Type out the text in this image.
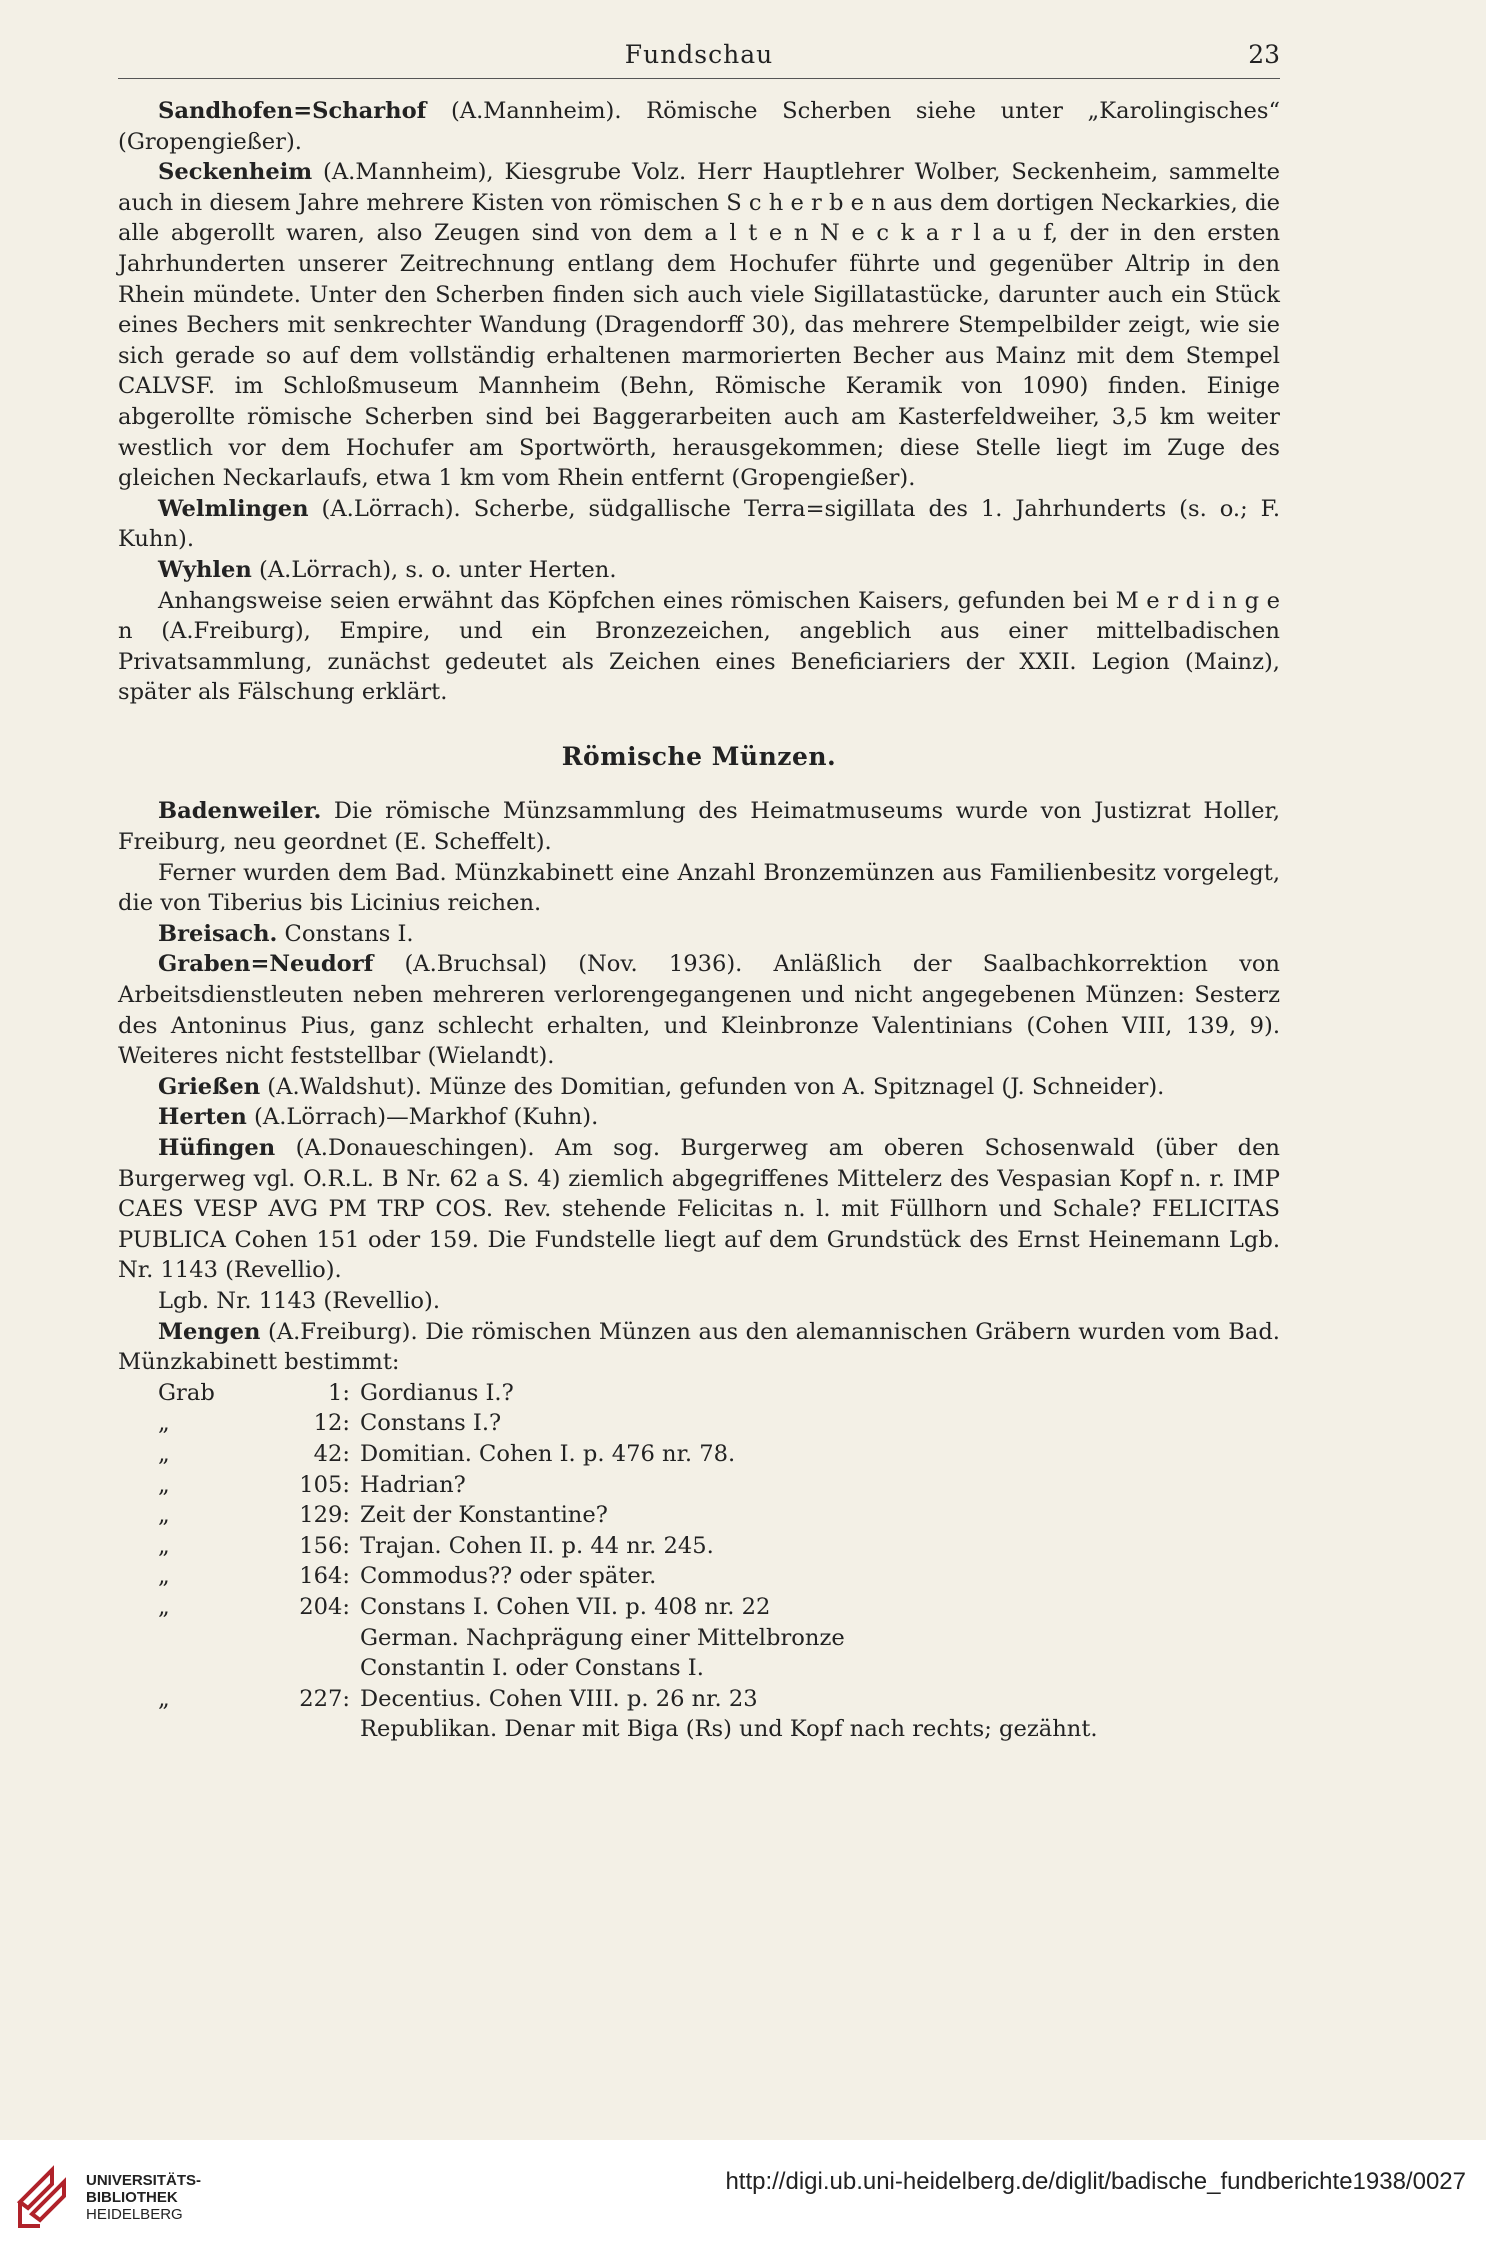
Fundschau	23

Sandhofen=Scharhof (A.Mannheim). Römische Scherben siehe unter „Karolingisches“ (Gropengießer).

Seckenheim (A.Mannheim), Kiesgrube Volz. Herr Hauptlehrer Wolber, Seckenheim, sammelte auch in diesem Jahre mehrere Kisten von römischen S c h e r b e n aus dem dortigen Neckarkies, die alle abgerollt waren, also Zeugen sind von dem a l t e n N e c k a r l a u f, der in den ersten Jahrhunderten unserer Zeitrechnung entlang dem Hochufer führte und gegenüber Altrip in den Rhein mündete. Unter den Scherben finden sich auch viele Sigillatastücke, darunter auch ein Stück eines Bechers mit senkrechter Wandung (Dragendorff 30), das mehrere Stempelbilder zeigt, wie sie sich gerade so auf dem vollständig erhaltenen marmorierten Becher aus Mainz mit dem Stempel CALVSF. im Schloßmuseum Mannheim (Behn, Römische Keramik von 1090) finden. Einige abgerollte römische Scherben sind bei Baggerarbeiten auch am Kasterfeldweiher, 3,5 km weiter westlich vor dem Hochufer am Sportwörth, herausgekommen; diese Stelle liegt im Zuge des gleichen Neckarlaufs, etwa 1 km vom Rhein entfernt (Gropengießer).

Welmlingen (A.Lörrach). Scherbe, südgallische Terra=sigillata des 1. Jahrhunderts (s. o.; F. Kuhn).

Wyhlen (A.Lörrach), s. o. unter Herten.

Anhangsweise seien erwähnt das Köpfchen eines römischen Kaisers, gefunden bei M e r d i n g e n (A.Freiburg), Empire, und ein Bronzezeichen, angeblich aus einer mittelbadischen Privatsammlung, zunächst gedeutet als Zeichen eines Beneficiariers der XXII. Legion (Mainz), später als Fälschung erklärt.

Römische Münzen.

Badenweiler. Die römische Münzsammlung des Heimatmuseums wurde von Justizrat Holler, Freiburg, neu geordnet (E. Scheffelt).

Ferner wurden dem Bad. Münzkabinett eine Anzahl Bronzemünzen aus Familienbesitz vorgelegt, die von Tiberius bis Licinius reichen.

Breisach. Constans I.

Graben=Neudorf (A.Bruchsal) (Nov. 1936). Anläßlich der Saalbachkorrektion von Arbeitsdienstleuten neben mehreren verlorengegangenen und nicht angegebenen Münzen: Sesterz des Antoninus Pius, ganz schlecht erhalten, und Kleinbronze Valentinians (Cohen VIII, 139, 9). Weiteres nicht feststellbar (Wielandt).

Grießen (A.Waldshut). Münze des Domitian, gefunden von A. Spitznagel (J. Schneider).

Herten (A.Lörrach)—Markhof (Kuhn).

Hüfingen (A.Donaueschingen). Am sog. Burgerweg am oberen Schosenwald (über den Burgerweg vgl. O.R.L. B Nr. 62 a S. 4) ziemlich abgegriffenes Mittelerz des Vespasian Kopf n. r. IMP CAES VESP AVG PM TRP COS. Rev. stehende Felicitas n. l. mit Füllhorn und Schale? FELICITAS PUBLICA Cohen 151 oder 159. Die Fundstelle liegt auf dem Grundstück des Ernst Heinemann Lgb. Nr. 1143 (Revellio).

Lgb. Nr. 1143 (Revellio).

Mengen (A.Freiburg). Die römischen Münzen aus den alemannischen Gräbern wurden vom Bad. Münzkabinett bestimmt:

Grab	1: Gordianus I.?
„	12: Constans I.?
„	42: Domitian. Cohen I. p. 476 nr. 78.
„	105: Hadrian?
„	129: Zeit der Konstantine?
„	156: Trajan. Cohen II. p. 44 nr. 245.
„	164: Commodus?? oder später.
„	204: Constans I. Cohen VII. p. 408 nr. 22
German. Nachprägung einer Mittelbronze
Constantin I. oder Constans I.
„	227: Decentius. Cohen VIII. p. 26 nr. 23
Republikan. Denar mit Biga (Rs) und Kopf nach rechts; gezähnt.
UNIVERSITÄTS-
BIBLIOTHEK
HEIDELBERG
http://digi.ub.uni-heidelberg.de/diglit/badische_fundberichte1938/0027
